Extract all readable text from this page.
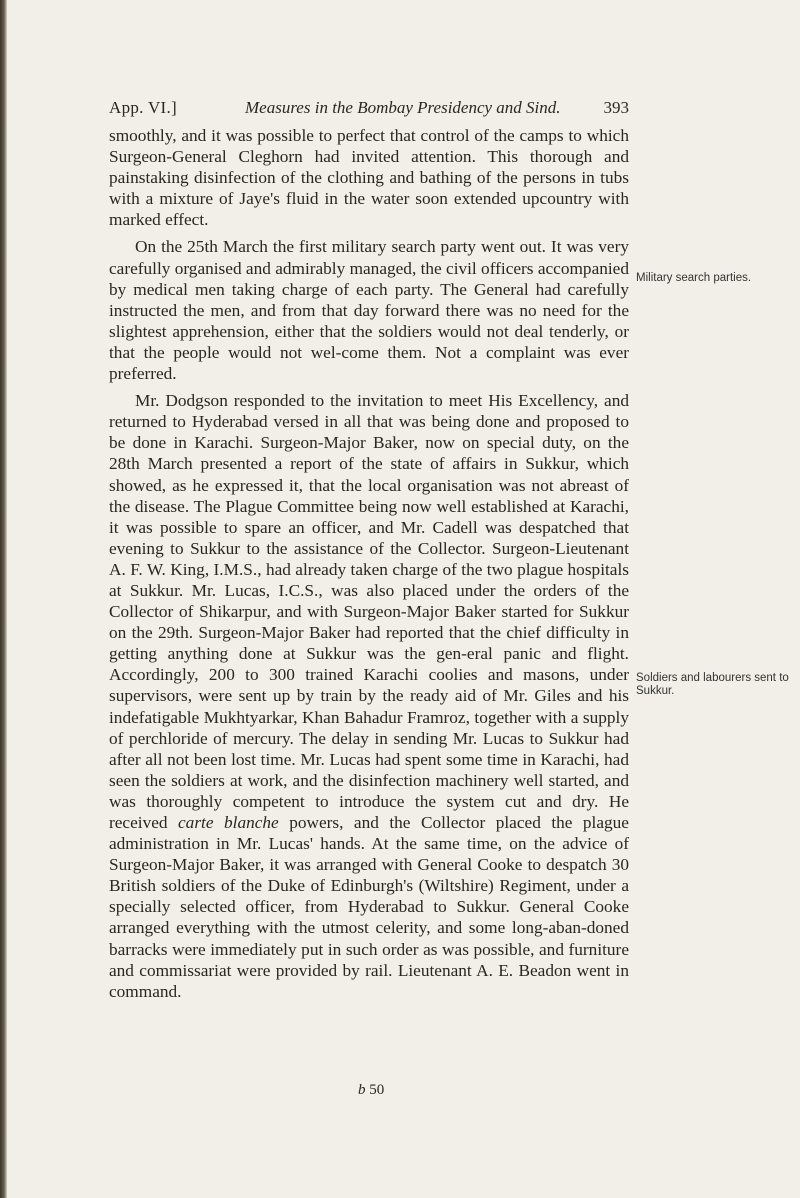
App. VI.]	Measures in the Bombay Presidency and Sind.	393

smoothly, and it was possible to perfect that control of the camps to which Surgeon-General Cleghorn had invited attention. This thorough and painstaking disinfection of the clothing and bathing of the persons in tubs with a mixture of Jaye's fluid in the water soon extended upcountry with marked effect.

On the 25th March the first military search party went out. It was very carefully organised and admirably managed, the civil officers accompanied by medical men taking charge of each party. The General had carefully instructed the men, and from that day forward there was no need for the slightest apprehension, either that the soldiers would not deal tenderly, or that the people would not wel-come them. Not a complaint was ever preferred.

Mr. Dodgson responded to the invitation to meet His Excellency, and returned to Hyderabad versed in all that was being done and proposed to be done in Karachi. Surgeon-Major Baker, now on special duty, on the 28th March presented a report of the state of affairs in Sukkur, which showed, as he expressed it, that the local organisation was not abreast of the disease. The Plague Committee being now well established at Karachi, it was possible to spare an officer, and Mr. Cadell was despatched that evening to Sukkur to the assistance of the Collector. Surgeon-Lieutenant A. F. W. King, I.M.S., had already taken charge of the two plague hospitals at Sukkur. Mr. Lucas, I.C.S., was also placed under the orders of the Collector of Shikarpur, and with Surgeon-Major Baker started for Sukkur on the 29th. Surgeon-Major Baker had reported that the chief difficulty in getting anything done at Sukkur was the gen-eral panic and flight. Accordingly, 200 to 300 trained Karachi coolies and masons, under supervisors, were sent up by train by the ready aid of Mr. Giles and his indefatigable Mukhtyarkar, Khan Bahadur Framroz, together with a supply of perchloride of mercury. The delay in sending Mr. Lucas to Sukkur had after all not been lost time. Mr. Lucas had spent some time in Karachi, had seen the soldiers at work, and the disinfection machinery well started, and was thoroughly competent to introduce the system cut and dry. He received carte blanche powers, and the Collector placed the plague administration in Mr. Lucas' hands. At the same time, on the advice of Surgeon-Major Baker, it was arranged with General Cooke to despatch 30 British soldiers of the Duke of Edinburgh's (Wiltshire) Regiment, under a specially selected officer, from Hyderabad to Sukkur. General Cooke arranged everything with the utmost celerity, and some long-aban-doned barracks were immediately put in such order as was possible, and furniture and commissariat were provided by rail. Lieutenant A. E. Beadon went in command.

Military search parties.
Soldiers and labourers sent to Sukkur.
b 50
